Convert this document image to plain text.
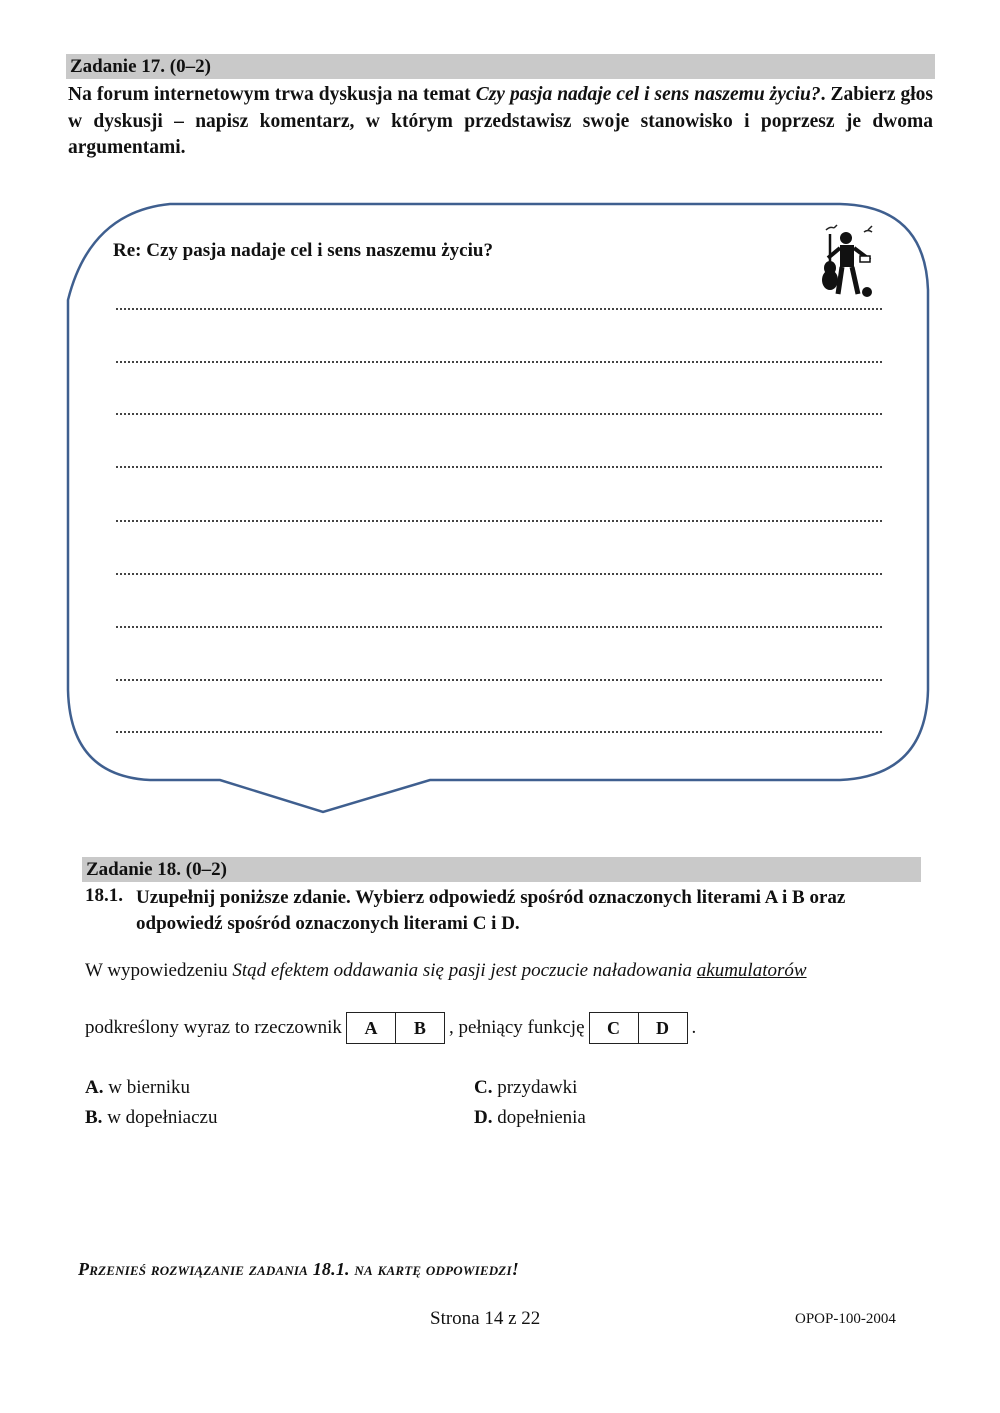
Zadanie 17. (0–2)
Na forum internetowym trwa dyskusja na temat Czy pasja nadaje cel i sens naszemu życiu?. Zabierz głos w dyskusji – napisz komentarz, w którym przedstawisz swoje stanowisko i poprzesz je dwoma argumentami.
Re: Czy pasja nadaje cel i sens naszemu życiu?
Zadanie 18. (0–2)
18.1. Uzupełnij poniższe zdanie. Wybierz odpowiedź spośród oznaczonych literami A i B oraz odpowiedź spośród oznaczonych literami C i D.
W wypowiedzeniu Stąd efektem oddawania się pasji jest poczucie naładowania akumulatorów
podkreślony wyraz to rzeczownik	A	B	, pełniący funkcję	C	D	.
A. w bierniku
B. w dopełniaczu
C. przydawki
D. dopełnienia
Przenieś rozwiązanie zadania 18.1. na kartę odpowiedzi!
Strona 14 z 22	OPOP-100-2004
